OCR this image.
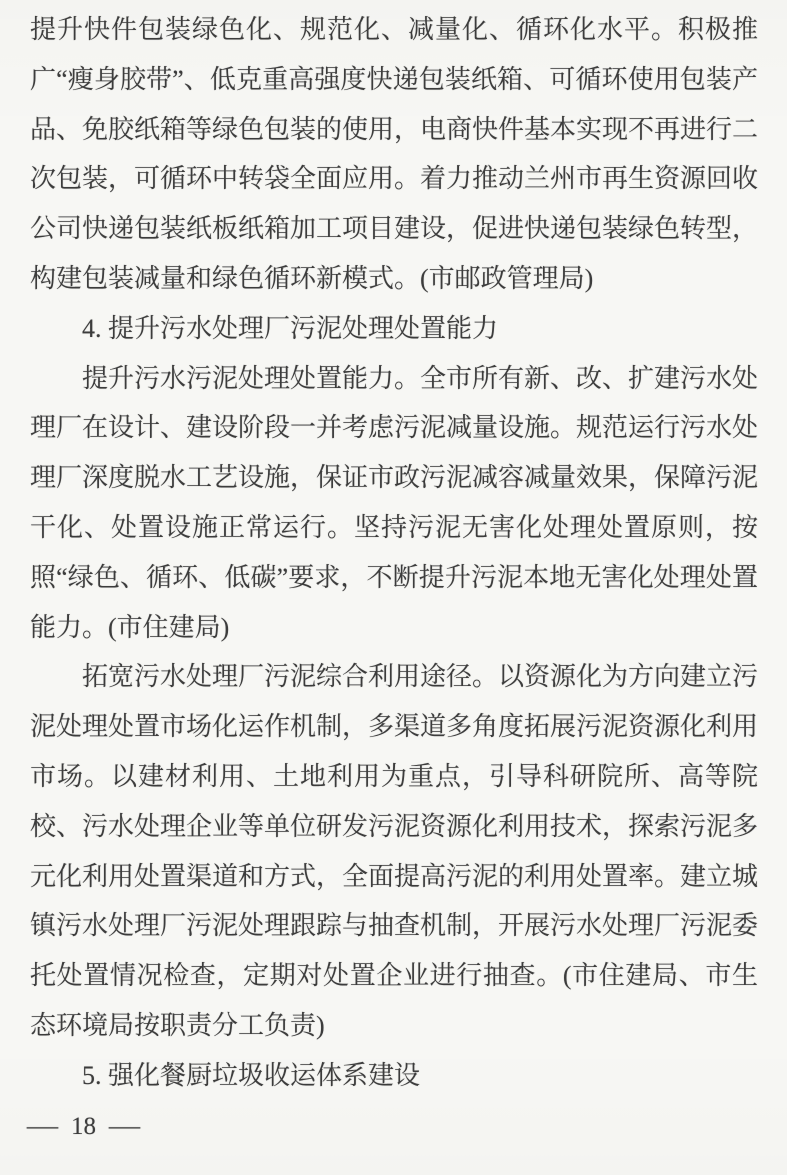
提升快件包装绿色化、规范化、减量化、循环化水平。积极推广“瘦身胶带”、低克重高强度快递包装纸箱、可循环使用包装产品、免胶纸箱等绿色包装的使用，电商快件基本实现不再进行二次包装，可循环中转袋全面应用。着力推动兰州市再生资源回收公司快递包装纸板纸箱加工项目建设，促进快递包装绿色转型，构建包装减量和绿色循环新模式。(市邮政管理局)

4. 提升污水处理厂污泥处理处置能力

提升污水污泥处理处置能力。全市所有新、改、扩建污水处理厂在设计、建设阶段一并考虑污泥减量设施。规范运行污水处理厂深度脱水工艺设施，保证市政污泥减容减量效果，保障污泥干化、处置设施正常运行。坚持污泥无害化处理处置原则，按照“绿色、循环、低碳”要求，不断提升污泥本地无害化处理处置能力。(市住建局)

拓宽污水处理厂污泥综合利用途径。以资源化为方向建立污泥处理处置市场化运作机制，多渠道多角度拓展污泥资源化利用市场。以建材利用、土地利用为重点，引导科研院所、高等院校、污水处理企业等单位研发污泥资源化利用技术，探索污泥多元化利用处置渠道和方式，全面提高污泥的利用处置率。建立城镇污水处理厂污泥处理跟踪与抽查机制，开展污水处理厂污泥委托处置情况检查，定期对处置企业进行抽查。(市住建局、市生态环境局按职责分工负责)

5. 强化餐厨垃圾收运体系建设

— 18 —
